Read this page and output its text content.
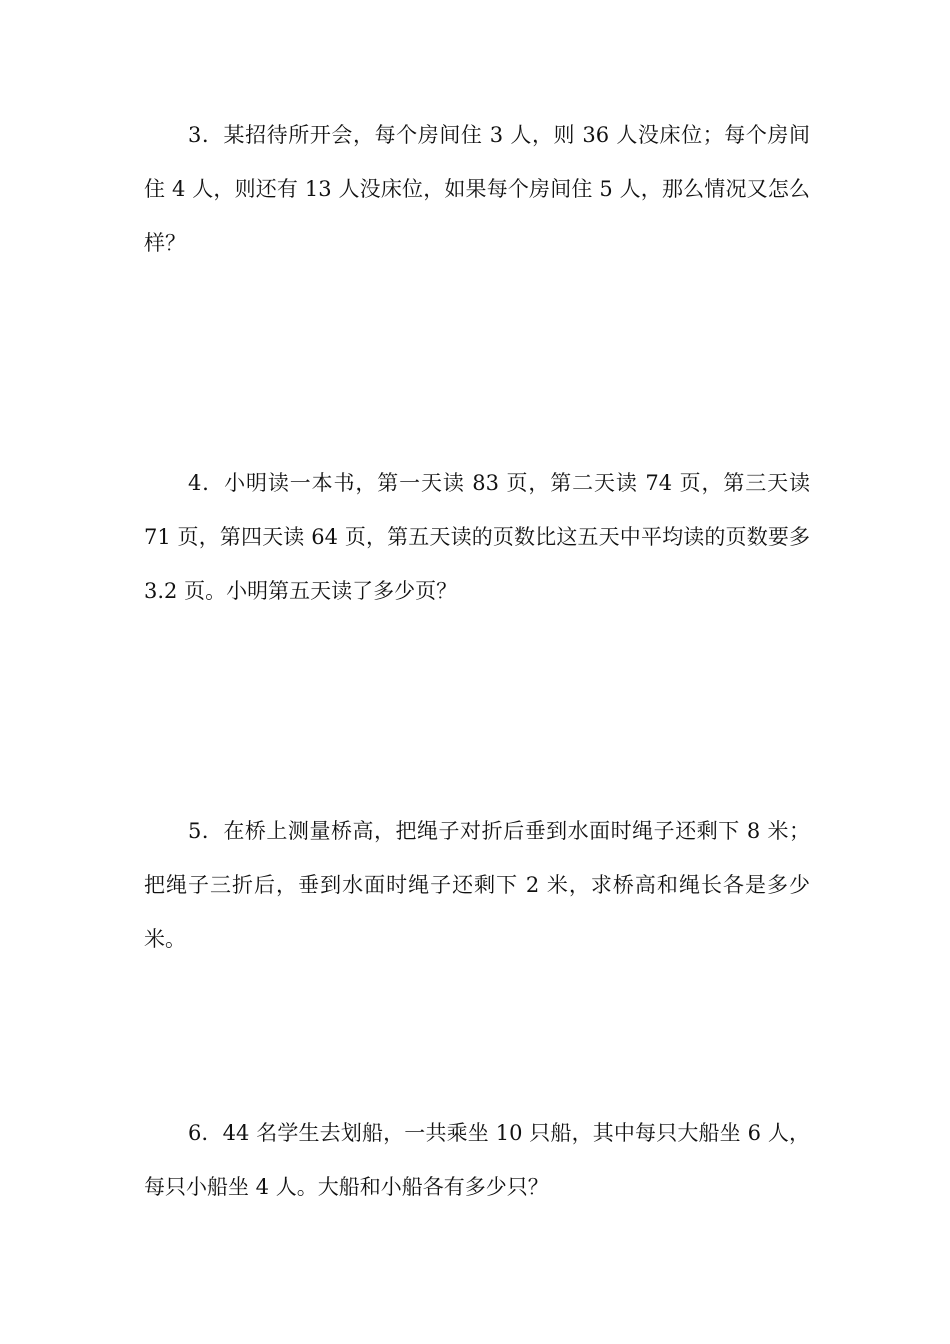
3．某招待所开会，每个房间住 3 人，则 36 人没床位；每个房间住 4 人，则还有 13 人没床位，如果每个房间住 5 人，那么情况又怎么样？

4．小明读一本书，第一天读 83 页，第二天读 74 页，第三天读 71 页，第四天读 64 页，第五天读的页数比这五天中平均读的页数要多 3.2 页。小明第五天读了多少页？

5．在桥上测量桥高，把绳子对折后垂到水面时绳子还剩下 8 米；把绳子三折后，垂到水面时绳子还剩下 2 米，求桥高和绳长各是多少米。

6．44 名学生去划船，一共乘坐 10 只船，其中每只大船坐 6 人，每只小船坐 4 人。大船和小船各有多少只？
